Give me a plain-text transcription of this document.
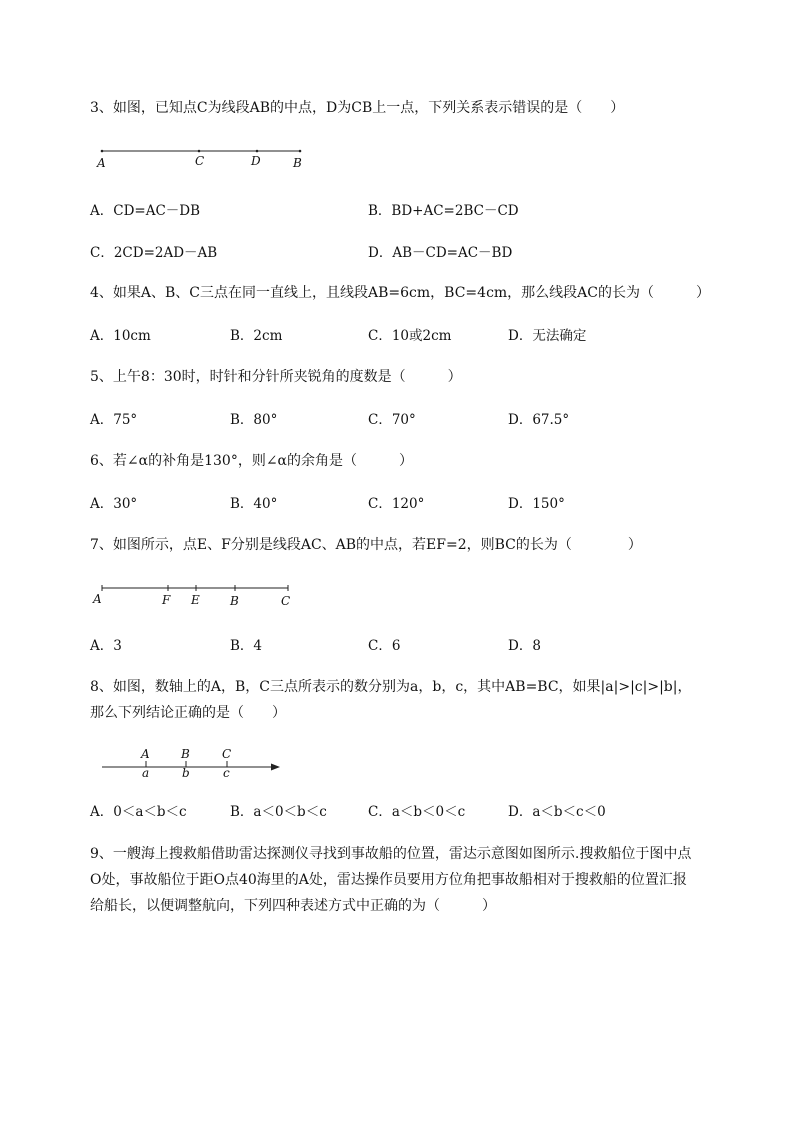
3、如图，已知点C为线段AB的中点，D为CB上一点，下列关系表示错误的是（　　）
A	C	D	B
A．CD=AC－DB	B．BD+AC=2BC－CD
C．2CD=2AD－AB	D．AB－CD=AC－BD
4、如果A、B、C三点在同一直线上，且线段AB=6cm，BC=4cm，那么线段AC的长为（　　　）
A．10cm	B．2cm	C．10或2cm	D．无法确定
5、上午8：30时，时针和分针所夹锐角的度数是（　　　）
A．75°	B．80°	C．70°	D．67.5°
6、若∠α的补角是130°，则∠α的余角是（　　　）
A．30°	B．40°	C．120°	D．150°
7、如图所示，点E、F分别是线段AC、AB的中点，若EF=2，则BC的长为（　　　　）
A	F E	B	C
A．3	B．4	C．6	D．8
8、如图，数轴上的A，B，C三点所表示的数分别为a，b，c，其中AB=BC，如果|a|>|c|>|b|，
那么下列结论正确的是（　　）
A	B	C
a	b	c
A．0＜a＜b＜c	B．a＜0＜b＜c	C．a＜b＜0＜c	D．a＜b＜c＜0
9、一艘海上搜救船借助雷达探测仪寻找到事故船的位置，雷达示意图如图所示.搜救船位于图中点
O处，事故船位于距O点40海里的A处，雷达操作员要用方位角把事故船相对于搜救船的位置汇报
给船长，以便调整航向，下列四种表述方式中正确的为（　　　）
